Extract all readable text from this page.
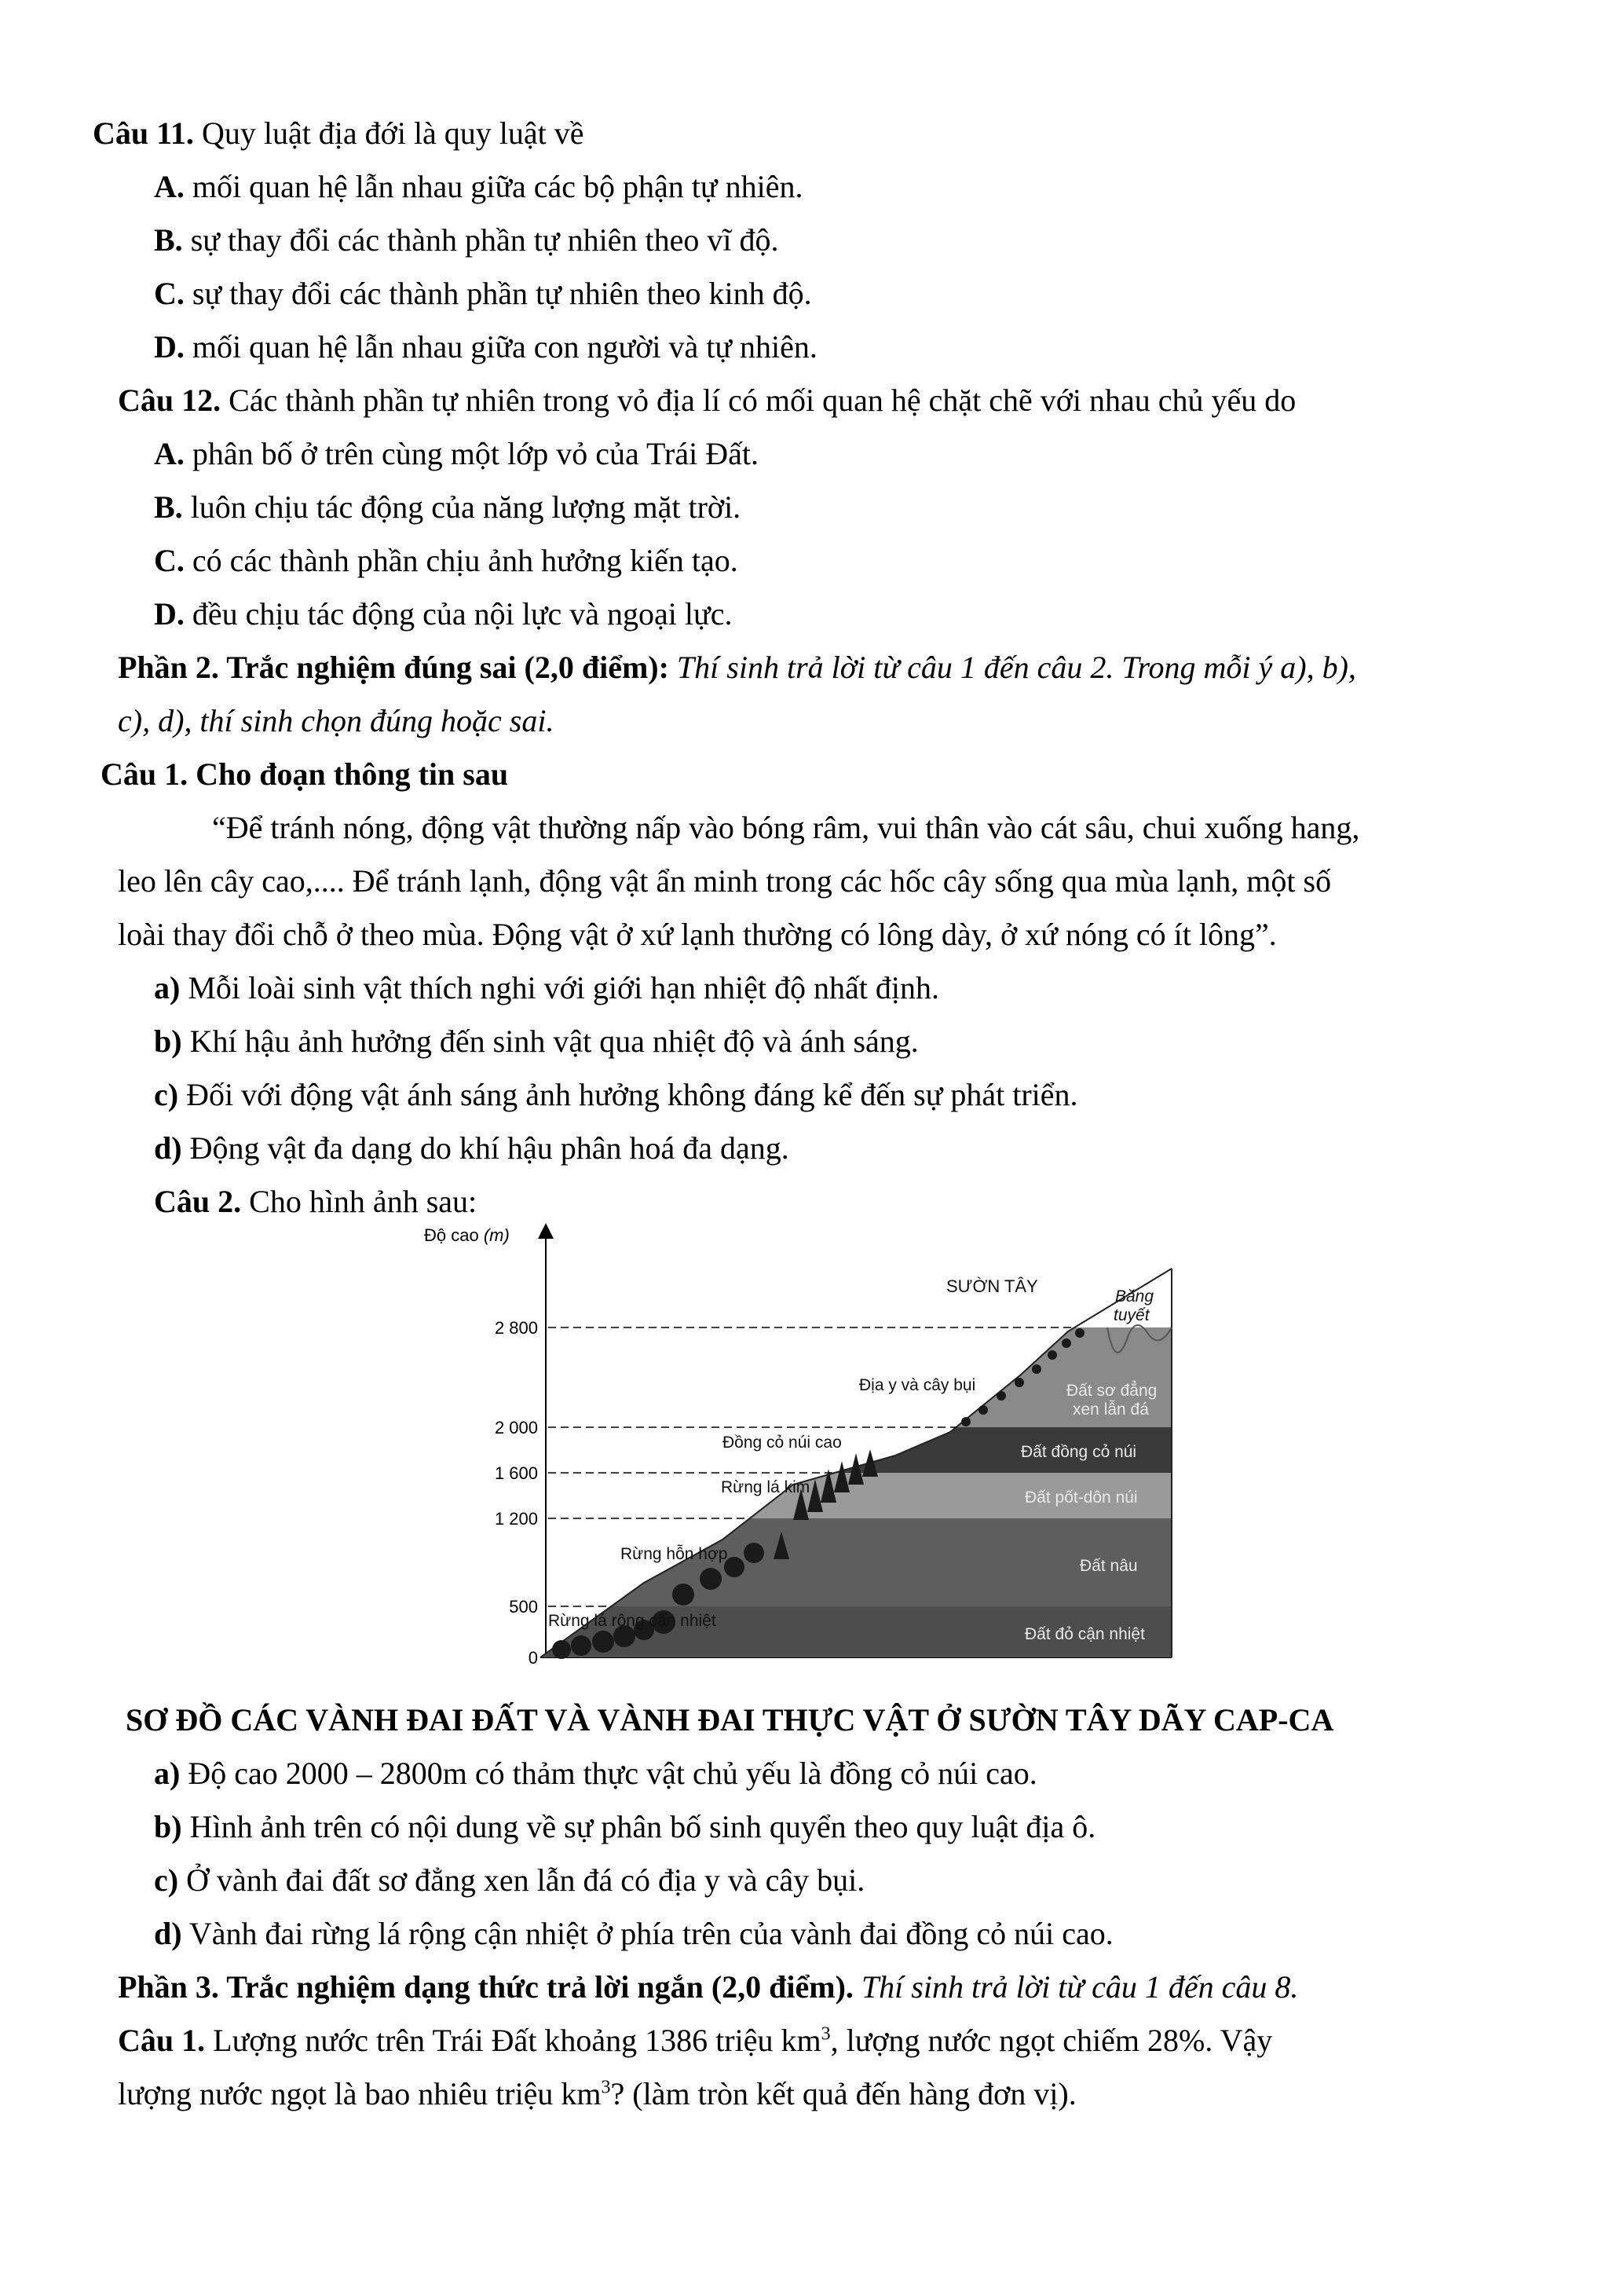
Câu 11. Quy luật địa đới là quy luật về
A. mối quan hệ lẫn nhau giữa các bộ phận tự nhiên.
B. sự thay đổi các thành phần tự nhiên theo vĩ độ.
C. sự thay đổi các thành phần tự nhiên theo kinh độ.
D. mối quan hệ lẫn nhau giữa con người và tự nhiên.
Câu 12. Các thành phần tự nhiên trong vỏ địa lí có mối quan hệ chặt chẽ với nhau chủ yếu do
A. phân bố ở trên cùng một lớp vỏ của Trái Đất.
B. luôn chịu tác động của năng lượng mặt trời.
C. có các thành phần chịu ảnh hưởng kiến tạo.
D. đều chịu tác động của nội lực và ngoại lực.
Phần 2. Trắc nghiệm đúng sai (2,0 điểm): Thí sinh trả lời từ câu 1 đến câu 2. Trong mỗi ý a), b),
c), d), thí sinh chọn đúng hoặc sai.
Câu 1. Cho đoạn thông tin sau
“Để tránh nóng, động vật thường nấp vào bóng râm, vui thân vào cát sâu, chui xuống hang,
leo lên cây cao,.... Để tránh lạnh, động vật ẩn minh trong các hốc cây sống qua mùa lạnh, một số
loài thay đổi chỗ ở theo mùa. Động vật ở xứ lạnh thường có lông dày, ở xứ nóng có ít lông”.
a) Mỗi loài sinh vật thích nghi với giới hạn nhiệt độ nhất định.
b) Khí hậu ảnh hưởng đến sinh vật qua nhiệt độ và ánh sáng.
c) Đối với động vật ánh sáng ảnh hưởng không đáng kể đến sự phát triển.
d) Động vật đa dạng do khí hậu phân hoá đa dạng.
Câu 2. Cho hình ảnh sau:
Độ cao (m)
2 800
2 000
1 600
1 200
500
0
SƯỜN TÂY
Băng
tuyết
Địa y và cây bụi
Đồng cỏ núi cao
Rừng lá kim
Rừng hỗn hợp
Rừng lá rộng cận nhiệt
Đất sơ đẳng
xen lẫn đá
Đất đồng cỏ núi
Đất pốt-dôn núi
Đất nâu
Đất đỏ cận nhiệt
SƠ ĐỒ CÁC VÀNH ĐAI ĐẤT VÀ VÀNH ĐAI THỰC VẬT Ở SƯỜN TÂY DÃY CAP-CA
a) Độ cao 2000 – 2800m có thảm thực vật chủ yếu là đồng cỏ núi cao.
b) Hình ảnh trên có nội dung về sự phân bố sinh quyển theo quy luật địa ô.
c) Ở vành đai đất sơ đẳng xen lẫn đá có địa y và cây bụi.
d) Vành đai rừng lá rộng cận nhiệt ở phía trên của vành đai đồng cỏ núi cao.
Phần 3. Trắc nghiệm dạng thức trả lời ngắn (2,0 điểm). Thí sinh trả lời từ câu 1 đến câu 8.
Câu 1. Lượng nước trên Trái Đất khoảng 1386 triệu $km^3$, lượng nước ngọt chiếm 28%. Vậy
lượng nước ngọt là bao nhiêu triệu $km^3$? (làm tròn kết quả đến hàng đơn vị).
